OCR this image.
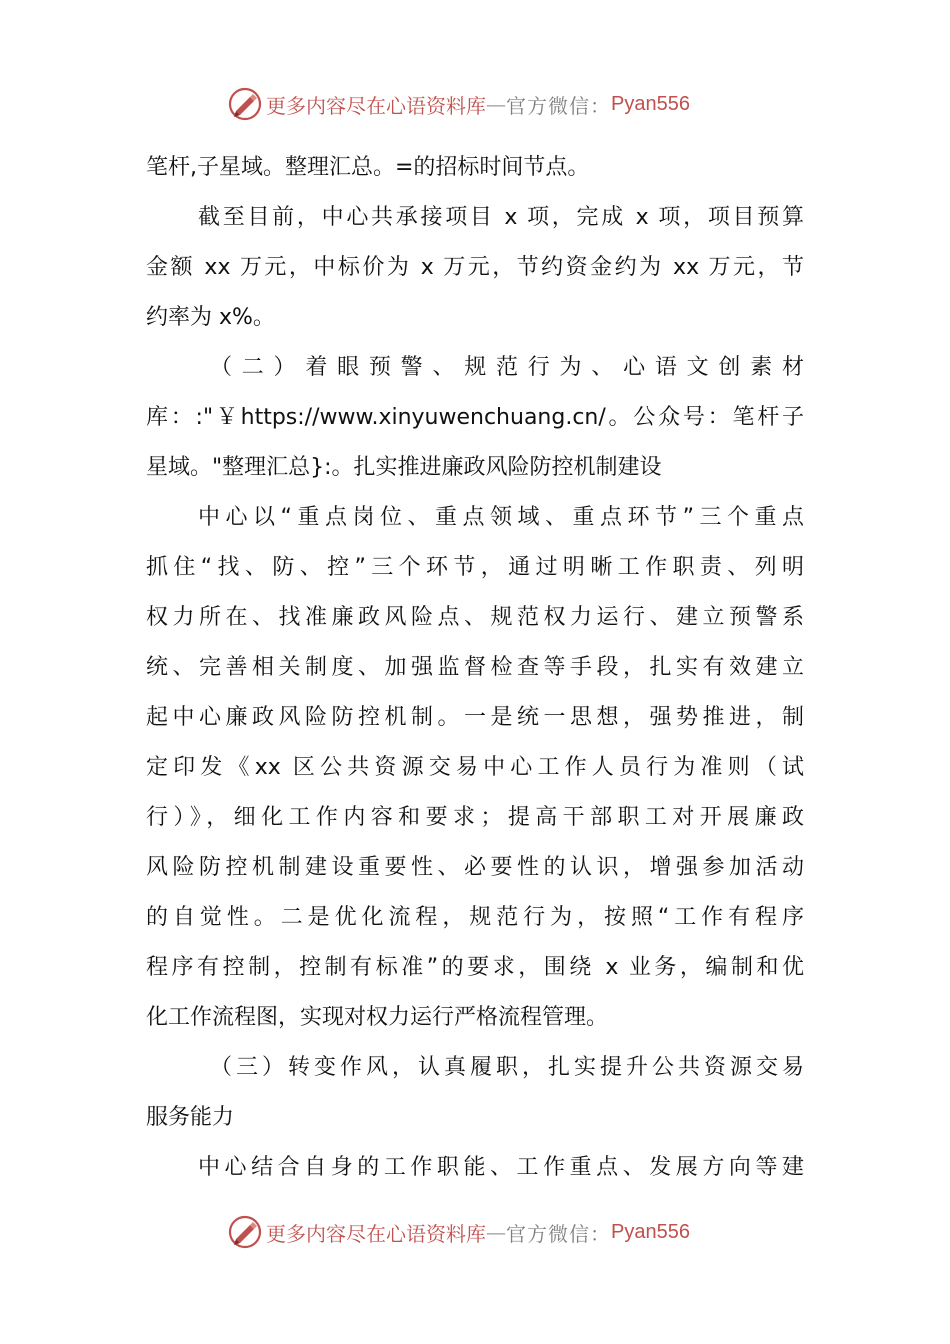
更多内容尽在心语资料库 — 官方微信： Pyan556
笔杆,子星域。整理汇总。=的招标时间节点。
截至目前，中心共承接项目 x 项，完成 x 项，项目预算
金额 xx 万元，中标价为 x 万元，节约资金约为 xx 万元，节
约率为 x%。
（二）着眼预警、规范行为、心语文创素材
库：:"￥https://www.xinyuwenchuang.cn/。公众号：笔杆子
星域。"整理汇总}:。扎实推进廉政风险防控机制建设
中心以“重点岗位、重点领域、重点环节”三个重点
抓住“找、防、控”三个环节，通过明晰工作职责、列明
权力所在、找准廉政风险点、规范权力运行、建立预警系
统、完善相关制度、加强监督检查等手段，扎实有效建立
起中心廉政风险防控机制。一是统一思想，强势推进，制
定印发《xx 区公共资源交易中心工作人员行为准则（试
行）》，细化工作内容和要求；提高干部职工对开展廉政
风险防控机制建设重要性、必要性的认识，增强参加活动
的自觉性。二是优化流程，规范行为，按照“工作有程序
程序有控制，控制有标准”的要求，围绕 x 业务，编制和优
化工作流程图，实现对权力运行严格流程管理。
（三）转变作风，认真履职，扎实提升公共资源交易
服务能力
中心结合自身的工作职能、工作重点、发展方向等建
更多内容尽在心语资料库 — 官方微信： Pyan556
